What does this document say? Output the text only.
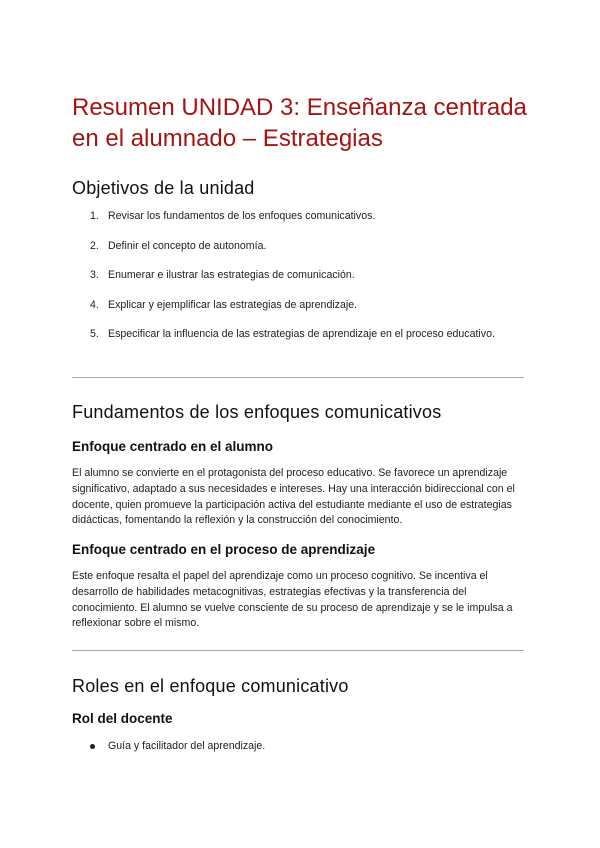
Resumen UNIDAD 3: Enseñanza centrada en el alumnado – Estrategias
Objetivos de la unidad
1. Revisar los fundamentos de los enfoques comunicativos.
2. Definir el concepto de autonomía.
3. Enumerar e ilustrar las estrategias de comunicación.
4. Explicar y ejemplificar las estrategias de aprendizaje.
5. Especificar la influencia de las estrategias de aprendizaje en el proceso educativo.
Fundamentos de los enfoques comunicativos
Enfoque centrado en el alumno

El alumno se convierte en el protagonista del proceso educativo. Se favorece un aprendizaje significativo, adaptado a sus necesidades e intereses. Hay una interacción bidireccional con el docente, quien promueve la participación activa del estudiante mediante el uso de estrategias didácticas, fomentando la reflexión y la construcción del conocimiento.

Enfoque centrado en el proceso de aprendizaje

Este enfoque resalta el papel del aprendizaje como un proceso cognitivo. Se incentiva el desarrollo de habilidades metacognitivas, estrategias efectivas y la transferencia del conocimiento. El alumno se vuelve consciente de su proceso de aprendizaje y se le impulsa a reflexionar sobre el mismo.

Roles en el enfoque comunicativo
Rol del docente
Guía y facilitador del aprendizaje.
